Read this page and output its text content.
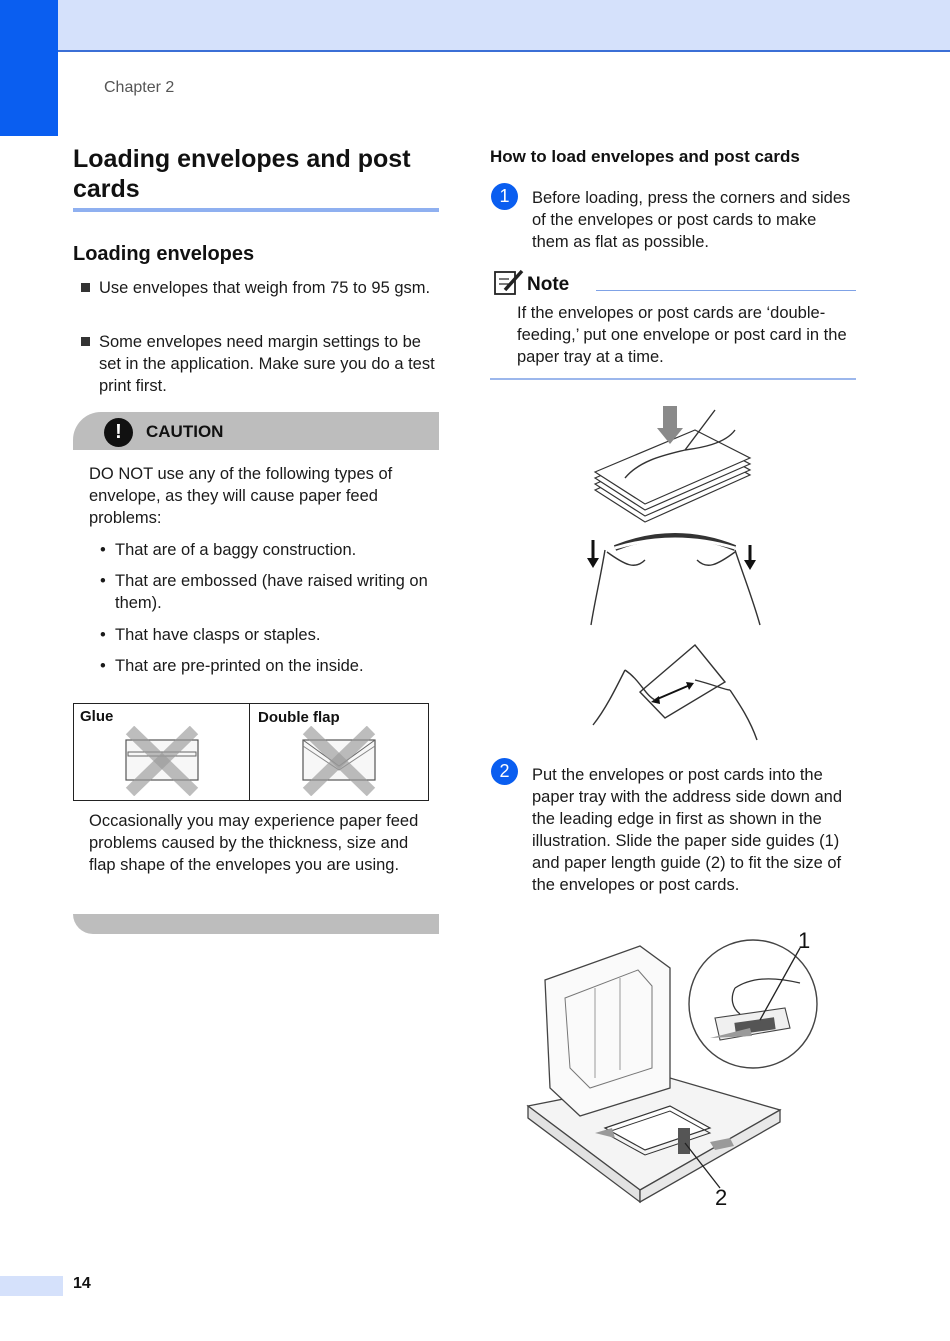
Chapter 2
Loading envelopes and post cards
Loading envelopes
Use envelopes that weigh from 75 to 95 gsm.
Some envelopes need margin settings to be set in the application. Make sure you do a test print first.
!	CAUTION
DO NOT use any of the following types of envelope, as they will cause paper feed problems:
• That are of a baggy construction.
• That are embossed (have raised writing on them).
• That have clasps or staples.
• That are pre-printed on the inside.
Glue	Double flap
Occasionally you may experience paper feed problems caused by the thickness, size and flap shape of the envelopes you are using.
How to load envelopes and post cards
1	Before loading, press the corners and sides of the envelopes or post cards to make them as flat as possible.
Note
If the envelopes or post cards are ‘double-feeding,’ put one envelope or post card in the paper tray at a time.
2	Put the envelopes or post cards into the paper tray with the address side down and the leading edge in first as shown in the illustration. Slide the paper side guides (1) and paper length guide (2) to fit the size of the envelopes or post cards.
1
2
14
